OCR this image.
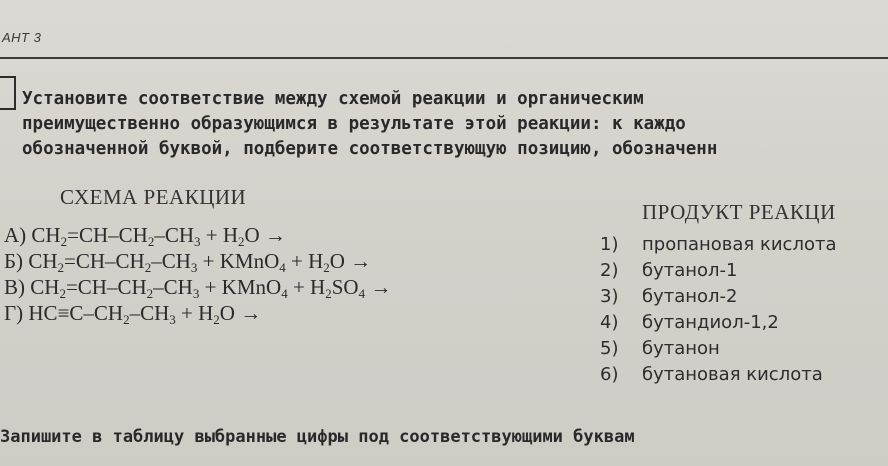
АНТ 3
Установите соответствие между схемой реакции и органическим
преимущественно образующимся в результате этой реакции: к каждо
обозначенной буквой, подберите соответствующую позицию, обозначенн
СХЕМА РЕАКЦИИ
ПРОДУКТ РЕАКЦИ
А) $CH_2=CH-CH_2-CH_3 + H_2O$ →
Б) $CH_2=CH-CH_2-CH_3$ + KMnO$_4$ + $H_2O$ →
В) $CH_2=CH-CH_2-CH_3$ + KMnO$_4$ + $H_2SO_4$ →
Г) $HC\equiv C-CH_2-CH_3 + H_2O$ →
1) пропановая кислота
2) бутанол-1
3) бутанол-2
4) бутандиол-1,2
5) бутанон
6) бутановая кислота
Запишите в таблицу выбранные цифры под соответствующими буквам
